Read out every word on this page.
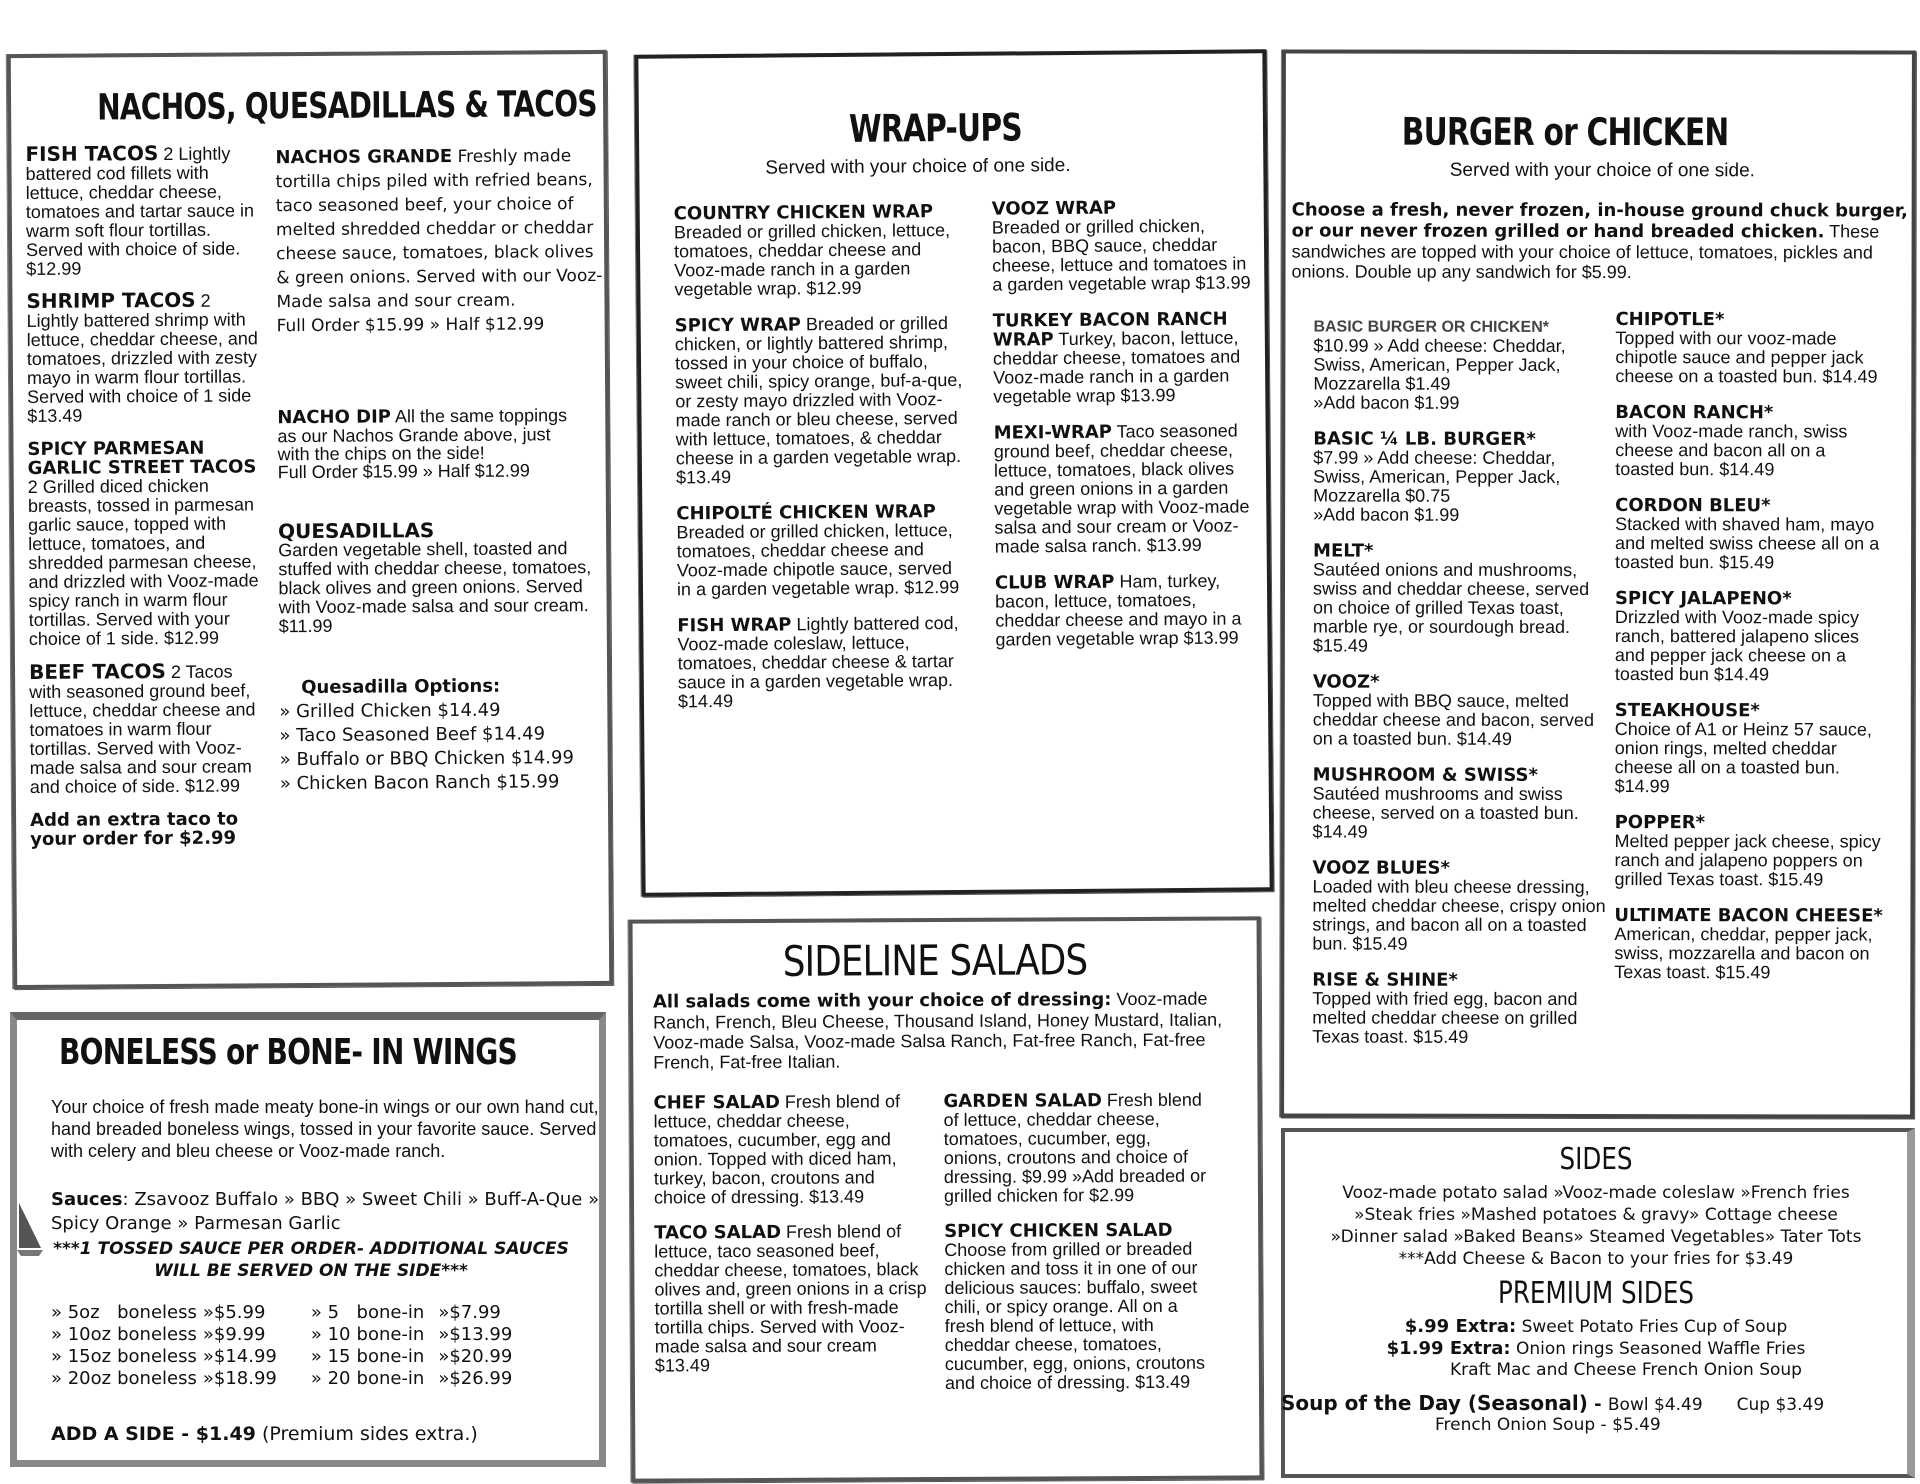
NACHOS, QUESADILLAS & TACOS
FISH TACOS 2 Lightly battered cod fillets with lettuce, cheddar cheese, tomatoes and tartar sauce in warm soft flour tortillas. Served with choice of side. $12.99
SHRIMP TACOS 2 Lightly battered shrimp with lettuce, cheddar cheese, and tomatoes, drizzled with zesty mayo in warm flour tortillas. Served with choice of 1 side $13.49
SPICY PARMESAN GARLIC STREET TACOS 2 Grilled diced chicken breasts, tossed in parmesan garlic sauce, topped with lettuce, tomatoes, and shredded parmesan cheese, and drizzled with Vooz-made spicy ranch in warm flour tortillas. Served with your choice of 1 side. $12.99
BEEF TACOS 2 Tacos with seasoned ground beef, lettuce, cheddar cheese and tomatoes in warm flour tortillas. Served with Vooz-made salsa and sour cream and choice of side. $12.99
Add an extra taco to your order for $2.99
NACHOS GRANDE Freshly made tortilla chips piled with refried beans, taco seasoned beef, your choice of melted shredded cheddar or cheddar cheese sauce, tomatoes, black olives & green onions. Served with our Vooz-Made salsa and sour cream.
Full Order $15.99 » Half $12.99
NACHO DIP All the same toppings as our Nachos Grande above, just with the chips on the side!
Full Order $15.99 » Half $12.99
QUESADILLAS
Garden vegetable shell, toasted and stuffed with cheddar cheese, tomatoes, black olives and green onions. Served with Vooz-made salsa and sour cream. $11.99
Quesadilla Options:
» Grilled Chicken $14.49
» Taco Seasoned Beef $14.49
» Buffalo or BBQ Chicken $14.99
» Chicken Bacon Ranch $15.99
WRAP-UPS
Served with your choice of one side.
COUNTRY CHICKEN WRAP
Breaded or grilled chicken, lettuce, tomatoes, cheddar cheese and Vooz-made ranch in a garden vegetable wrap. $12.99
SPICY WRAP Breaded or grilled chicken, or lightly battered shrimp, tossed in your choice of buffalo, sweet chili, spicy orange, buf-a-que, or zesty mayo drizzled with Vooz-made ranch or bleu cheese, served with lettuce, tomatoes, & cheddar cheese in a garden vegetable wrap. $13.49
CHIPOLTÉ CHICKEN WRAP Breaded or grilled chicken, lettuce, tomatoes, cheddar cheese and Vooz-made chipotle sauce, served in a garden vegetable wrap. $12.99
FISH WRAP Lightly battered cod, Vooz-made coleslaw, lettuce, tomatoes, cheddar cheese & tartar sauce in a garden vegetable wrap. $14.49
VOOZ WRAP
Breaded or grilled chicken, bacon, BBQ sauce, cheddar cheese, lettuce and tomatoes in a garden vegetable wrap $13.99
TURKEY BACON RANCH WRAP Turkey, bacon, lettuce, cheddar cheese, tomatoes and Vooz-made ranch in a garden vegetable wrap $13.99
MEXI-WRAP Taco seasoned ground beef, cheddar cheese, lettuce, tomatoes, black olives and green onions in a garden vegetable wrap with Vooz-made salsa and sour cream or Vooz-made salsa ranch. $13.99
CLUB WRAP Ham, turkey, bacon, lettuce, tomatoes, cheddar cheese and mayo in a garden vegetable wrap $13.99
BURGER or CHICKEN
Served with your choice of one side.
Choose a fresh, never frozen, in-house ground chuck burger, or our never frozen grilled or hand breaded chicken. These sandwiches are topped with your choice of lettuce, tomatoes, pickles and onions. Double up any sandwich for $5.99.
BASIC BURGER OR CHICKEN*
$10.99 » Add cheese: Cheddar, Swiss, American, Pepper Jack, Mozzarella $1.49
»Add bacon $1.99
BASIC ¼ LB. BURGER*
$7.99 » Add cheese: Cheddar, Swiss, American, Pepper Jack, Mozzarella $0.75
»Add bacon $1.99
MELT*
Sautéed onions and mushrooms, swiss and cheddar cheese, served on choice of grilled Texas toast, marble rye, or sourdough bread. $15.49
VOOZ*
Topped with BBQ sauce, melted cheddar cheese and bacon, served on a toasted bun. $14.49
MUSHROOM & SWISS*
Sautéed mushrooms and swiss cheese, served on a toasted bun. $14.49
VOOZ BLUES*
Loaded with bleu cheese dressing, melted cheddar cheese, crispy onion strings, and bacon all on a toasted bun. $15.49
RISE & SHINE*
Topped with fried egg, bacon and melted cheddar cheese on grilled Texas toast. $15.49
CHIPOTLE*
Topped with our vooz-made chipotle sauce and pepper jack cheese on a toasted bun. $14.49
BACON RANCH*
with Vooz-made ranch, swiss cheese and bacon all on a toasted bun. $14.49
CORDON BLEU*
Stacked with shaved ham, mayo and melted swiss cheese all on a toasted bun. $15.49
SPICY JALAPENO*
Drizzled with Vooz-made spicy ranch, battered jalapeno slices and pepper jack cheese on a toasted bun $14.49
STEAKHOUSE*
Choice of A1 or Heinz 57 sauce, onion rings, melted cheddar cheese all on a toasted bun. $14.99
POPPER*
Melted pepper jack cheese, spicy ranch and jalapeno poppers on grilled Texas toast. $15.49
ULTIMATE BACON CHEESE*
American, cheddar, pepper jack, swiss, mozzarella and bacon on Texas toast. $15.49
BONELESS or BONE- IN WINGS
Your choice of fresh made meaty bone-in wings or our own hand cut, hand breaded boneless wings, tossed in your favorite sauce. Served with celery and bleu cheese or Vooz-made ranch.
Sauces: Zsavooz Buffalo » BBQ » Sweet Chili » Buff-A-Que » Spicy Orange » Parmesan Garlic
***1 TOSSED SAUCE PER ORDER- ADDITIONAL SAUCES WILL BE SERVED ON THE SIDE***
» 5oz	boneless	»$5.99	» 5	bone-in	»$7.99
» 10oz	boneless	»$9.99	» 10	bone-in	»$13.99
» 15oz	boneless	»$14.99	» 15	bone-in	»$20.99
» 20oz	boneless	»$18.99	» 20	bone-in	»$26.99
ADD A SIDE - $1.49 (Premium sides extra.)
SIDELINE SALADS
All salads come with your choice of dressing: Vooz-made Ranch, French, Bleu Cheese, Thousand Island, Honey Mustard, Italian, Vooz-made Salsa, Vooz-made Salsa Ranch, Fat-free Ranch, Fat-free French, Fat-free Italian.
CHEF SALAD Fresh blend of lettuce, cheddar cheese, tomatoes, cucumber, egg and onion. Topped with diced ham, turkey, bacon, croutons and choice of dressing. $13.49
TACO SALAD Fresh blend of lettuce, taco seasoned beef, cheddar cheese, tomatoes, black olives and, green onions in a crisp tortilla shell or with fresh-made tortilla chips. Served with Vooz-made salsa and sour cream $13.49
GARDEN SALAD Fresh blend of lettuce, cheddar cheese, tomatoes, cucumber, egg, onions, croutons and choice of dressing. $9.99 »Add breaded or grilled chicken for $2.99
SPICY CHICKEN SALAD
Choose from grilled or breaded chicken and toss it in one of our delicious sauces: buffalo, sweet chili, or spicy orange. All on a fresh blend of lettuce, with cheddar cheese, tomatoes, cucumber, egg, onions, croutons and choice of dressing. $13.49
SIDES
Vooz-made potato salad »Vooz-made coleslaw »French fries
»Steak fries »Mashed potatoes & gravy» Cottage cheese
»Dinner salad »Baked Beans» Steamed Vegetables» Tater Tots
***Add Cheese & Bacon to your fries for $3.49
PREMIUM SIDES
$.99 Extra: Sweet Potato Fries Cup of Soup
$1.99 Extra: Onion rings Seasoned Waffle Fries
Kraft Mac and Cheese French Onion Soup
Soup of the Day (Seasonal) - Bowl $4.49 Cup $3.49
French Onion Soup - $5.49
